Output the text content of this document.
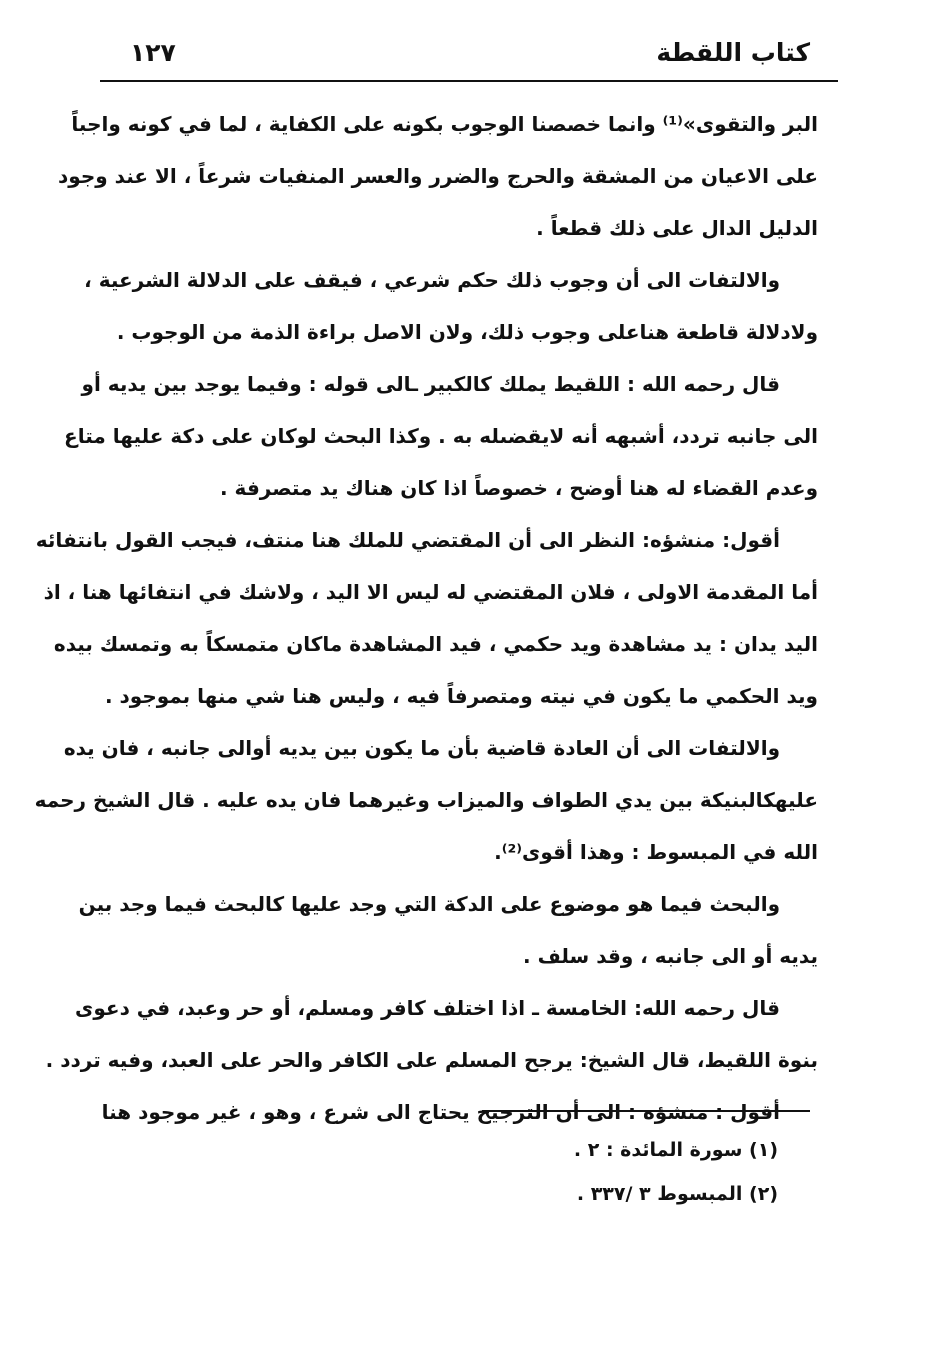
كتاب اللقطة
١٢٧
البر والتقوى»⁽¹⁾ وانما خصصنا الوجوب بكونه على الكفاية ، لما في كونه واجباً
على الاعيان من المشقة والحرج والضرر والعسر المنفيات شرعاً ، الا عند وجود
الدليل الدال على ذلك قطعاً .
والالتفات الى أن وجوب ذلك حكم شرعي ، فيقف على الدلالة الشرعية ،
ولادلالة قاطعة هناعلى وجوب ذلك، ولان الاصل براءة الذمة من الوجوب .
قال رحمه الله : اللقيط يملك كالكبير ـالى قوله : وفيما يوجد بين يديه أو
الى جانبه تردد، أشبهه أنه لايقضىله به . وكذا البحث لوكان على دكة عليها متاع
وعدم القضاء له هنا أوضح ، خصوصاً اذا كان هناك يد متصرفة .
أقول: منشؤه: النظر الى أن المقتضي للملك هنا منتف، فيجب القول بانتفائه
أما المقدمة الاولى ، فلان المقتضي له ليس الا اليد ، ولاشك في انتفائها هنا ، اذ
اليد يدان : يد مشاهدة ويد حكمي ، فيد المشاهدة ماكان متمسكاً به وتمسك بيده
ويد الحكمي ما يكون في نيته ومتصرفاً فيه ، وليس هنا شي منها بموجود .
والالتفات الى أن العادة قاضية بأن ما يكون بين يديه أوالى جانبه ، فان يده
عليهكالبنيكة بين يدي الطواف والميزاب وغيرهما فان يده عليه . قال الشيخ رحمه
الله في المبسوط : وهذا أقوى⁽²⁾.
والبحث فيما هو موضوع على الدكة التي وجد عليها كالبحث فيما وجد بين
يديه أو الى جانبه ، وقد سلف .
قال رحمه الله: الخامسة ـ اذا اختلف كافر ومسلم، أو حر وعبد، في دعوى
بنوة اللقيط، قال الشيخ: يرجح المسلم على الكافر والحر على العبد، وفيه تردد .
أقول : منشؤه : الى أن الترجيح يحتاج الى شرع ، وهو ، غير موجود هنا
(١) سورة المائدة : ٢ .
(٢) المبسوط ٣ /٣٣٧ .
